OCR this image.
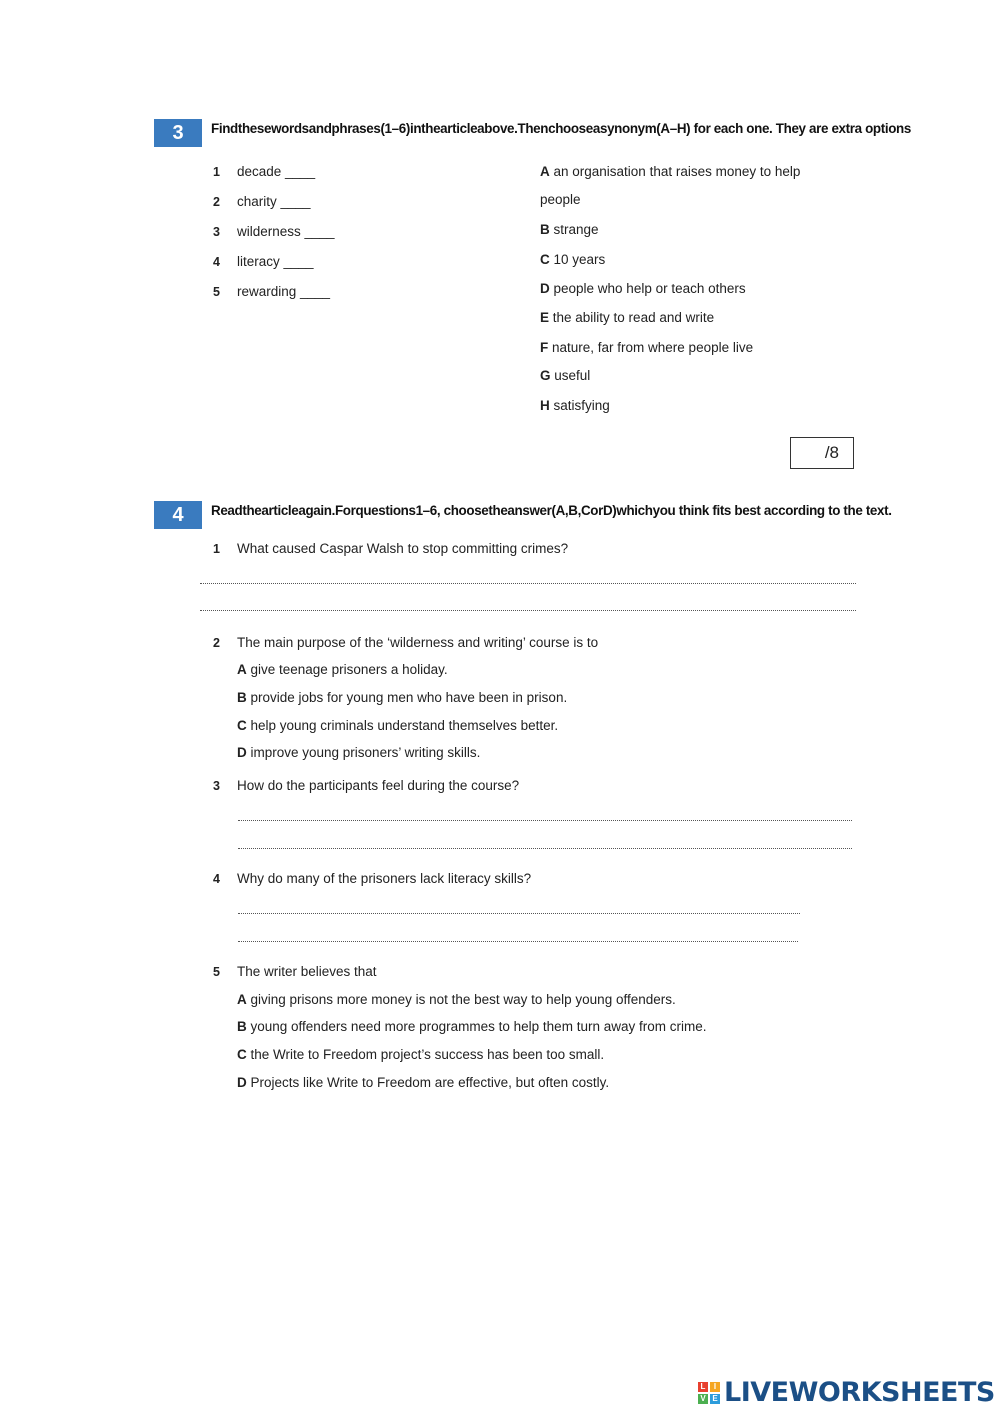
3	Findthesewordsandphrases(1–6)inthearticleabove.Thenchooseasynonym(A–H) for each one. They are extra options
1 decade ____
2 charity ____
3 wilderness ____
4 literacy ____
5 rewarding ____
A an organisation that raises money to help
people
B strange
C 10 years
D people who help or teach others
E the ability to read and write
F nature, far from where people live
G useful
H satisfying
/8
4	Readthearticleagain.Forquestions1–6, choosetheanswer(A,B,CorD)whichyou think fits best according to the text.
1 What caused Caspar Walsh to stop committing crimes?
2 The main purpose of the ‘wilderness and writing’ course is to
A give teenage prisoners a holiday.
B provide jobs for young men who have been in prison.
C help young criminals understand themselves better.
D improve young prisoners’ writing skills.
3 How do the participants feel during the course?
4 Why do many of the prisoners lack literacy skills?
5 The writer believes that
A giving prisons more money is not the best way to help young offenders.
B young offenders need more programmes to help them turn away from crime.
C the Write to Freedom project’s success has been too small.
D Projects like Write to Freedom are effective, but often costly.
L	I
V E LIVEWORKSHEETS
